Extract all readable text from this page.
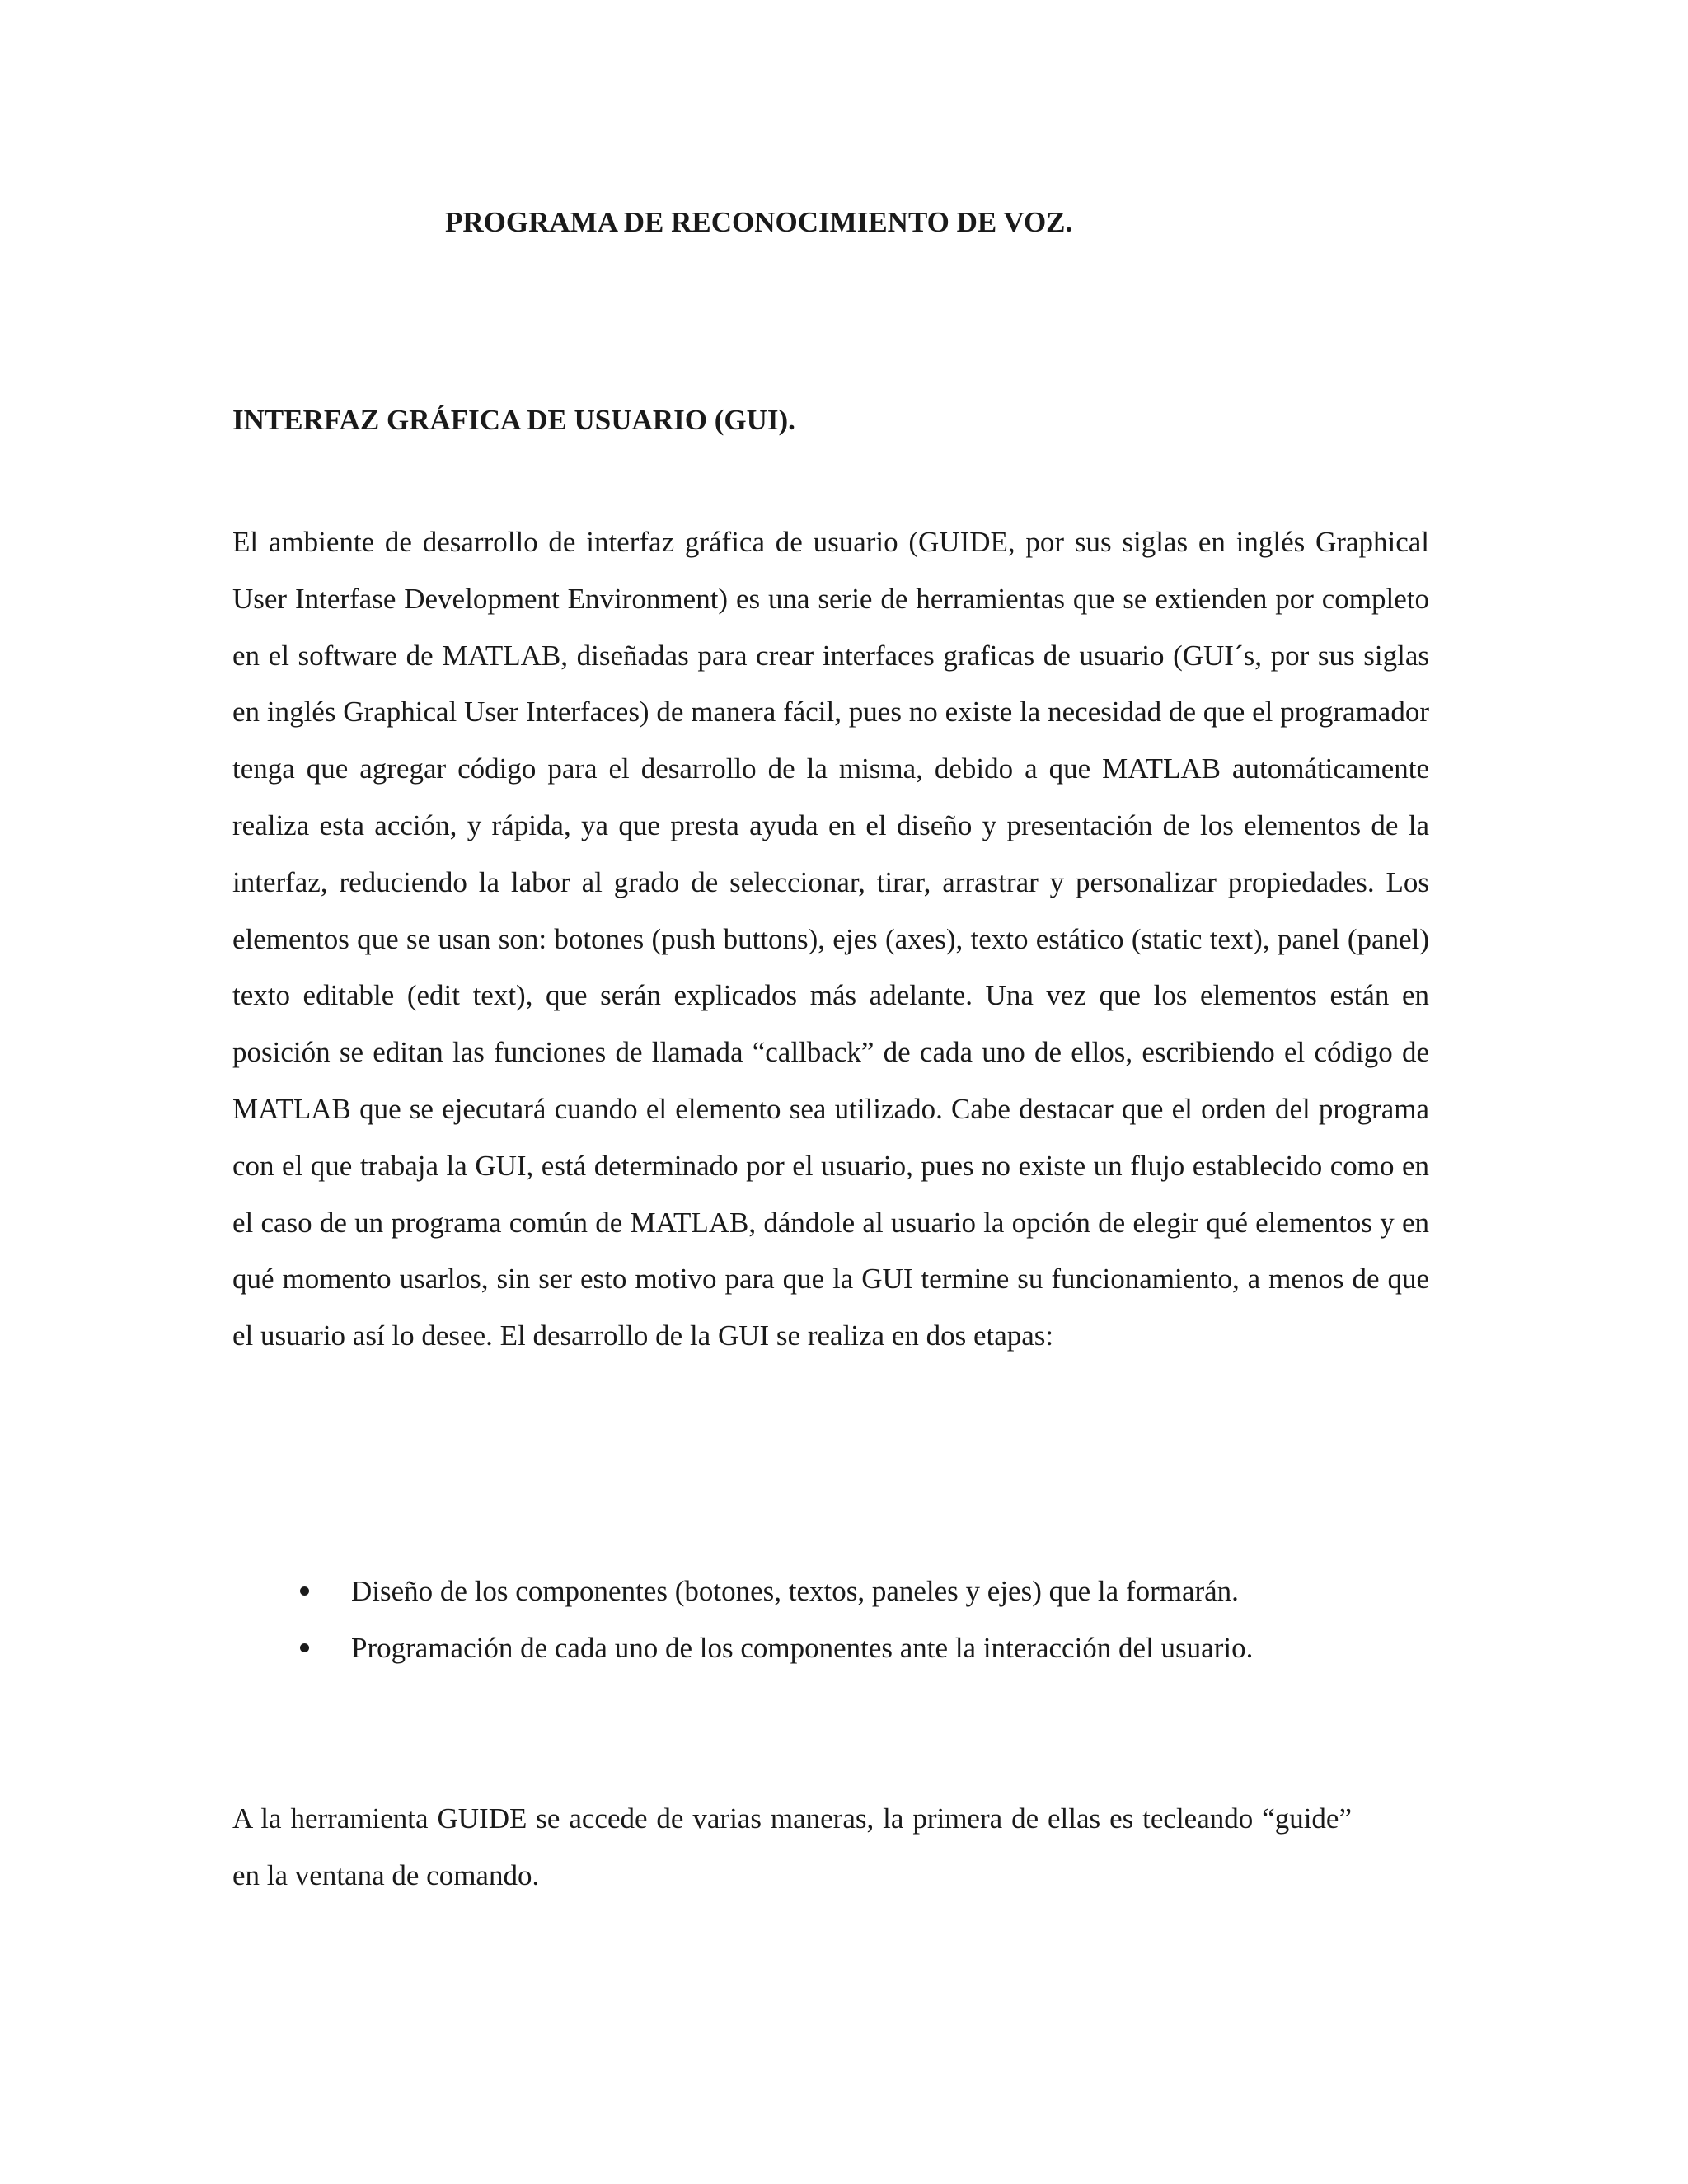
PROGRAMA DE RECONOCIMIENTO DE VOZ.
INTERFAZ GRÁFICA DE USUARIO (GUI).

El ambiente de desarrollo de interfaz gráfica de usuario (GUIDE, por sus siglas en inglés Graphical User Interfase Development Environment) es una serie de herramientas que se extienden por completo en el software de MATLAB, diseñadas para crear interfaces graficas de usuario (GUI´s, por sus siglas en inglés Graphical User Interfaces) de manera fácil, pues no existe la necesidad de que el programador tenga que agregar código para el desarrollo de la misma, debido a que MATLAB automáticamente realiza esta acción, y rápida, ya que presta ayuda en el diseño y presentación de los elementos de la interfaz, reduciendo la labor al grado de seleccionar, tirar, arrastrar y personalizar propiedades. Los elementos que se usan son: botones (push buttons), ejes (axes), texto estático (static text), panel (panel) texto editable (edit text), que serán explicados más adelante. Una vez que los elementos están en posición se editan las funciones de llamada “callback” de cada uno de ellos, escribiendo el código de MATLAB que se ejecutará cuando el elemento sea utilizado. Cabe destacar que el orden del programa con el que trabaja la GUI, está determinado por el usuario, pues no existe un flujo establecido como en el caso de un programa común de MATLAB, dándole al usuario la opción de elegir qué elementos y en qué momento usarlos, sin ser esto motivo para que la GUI termine su funcionamiento, a menos de que el usuario así lo desee. El desarrollo de la GUI se realiza en dos etapas:

Diseño de los componentes (botones, textos, paneles y ejes) que la formarán.
Programación de cada uno de los componentes ante la interacción del usuario.

A la herramienta GUIDE se accede de varias maneras, la primera de ellas es tecleando “guide” en la ventana de comando.
